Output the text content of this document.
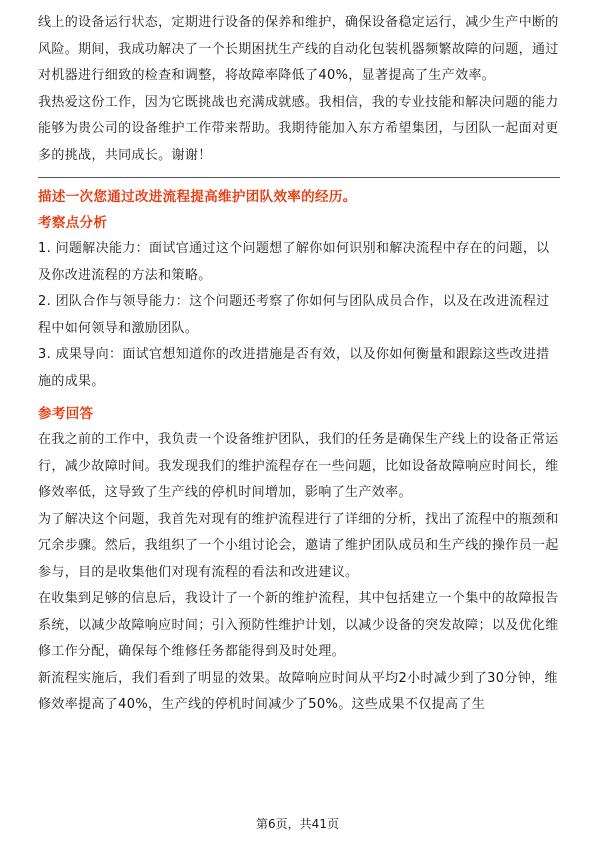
线上的设备运行状态，定期进行设备的保养和维护，确保设备稳定运行，减少生产中断的风险。期间，我成功解决了一个长期困扰生产线的自动化包装机器频繁故障的问题，通过对机器进行细致的检查和调整，将故障率降低了40%，显著提高了生产效率。

我热爱这份工作，因为它既挑战也充满成就感。我相信，我的专业技能和解决问题的能力能够为贵公司的设备维护工作带来帮助。我期待能加入东方希望集团，与团队一起面对更多的挑战，共同成长。谢谢！

描述一次您通过改进流程提高维护团队效率的经历。

考察点分析

1. 问题解决能力：面试官通过这个问题想了解你如何识别和解决流程中存在的问题，以及你改进流程的方法和策略。

2. 团队合作与领导能力：这个问题还考察了你如何与团队成员合作，以及在改进流程过程中如何领导和激励团队。

3. 成果导向：面试官想知道你的改进措施是否有效，以及你如何衡量和跟踪这些改进措施的成果。

参考回答

在我之前的工作中，我负责一个设备维护团队，我们的任务是确保生产线上的设备正常运行，减少故障时间。我发现我们的维护流程存在一些问题，比如设备故障响应时间长，维修效率低，这导致了生产线的停机时间增加，影响了生产效率。

为了解决这个问题，我首先对现有的维护流程进行了详细的分析，找出了流程中的瓶颈和冗余步骤。然后，我组织了一个小组讨论会，邀请了维护团队成员和生产线的操作员一起参与，目的是收集他们对现有流程的看法和改进建议。

在收集到足够的信息后，我设计了一个新的维护流程，其中包括建立一个集中的故障报告系统，以减少故障响应时间；引入预防性维护计划，以减少设备的突发故障；以及优化维修工作分配，确保每个维修任务都能得到及时处理。

新流程实施后，我们看到了明显的效果。故障响应时间从平均2小时减少到了30分钟，维修效率提高了40%，生产线的停机时间减少了50%。这些成果不仅提高了生

第6页，共41页
